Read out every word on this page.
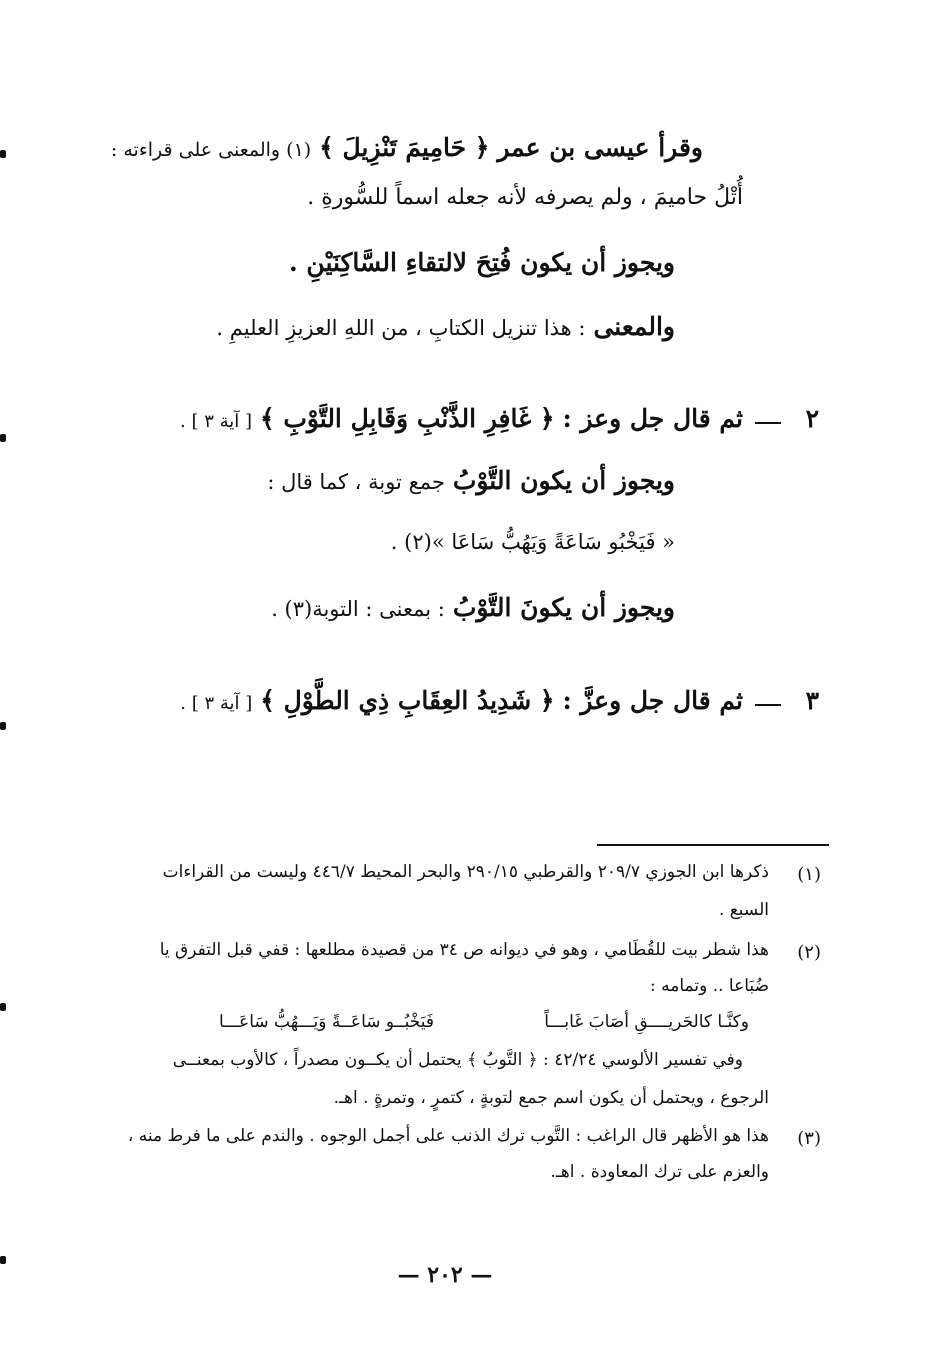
وقرأ عيسى بن عمر ﴿ حَامِيمَ تَنْزِيلَ ﴾ (١) والمعنى على قراءته :
أُتْلُ حاميمَ ، ولم يصرفه لأنه جعله اسماً للسُّورةِ .
ويجوز أن يكون فُتِحَ لالتقاءِ السَّاكِنَيْنِ .
والمعنى : هذا تنزيل الكتابِ ، من اللهِ العزيزِ العليمِ .
٢
ثم قال جل وعز : ﴿ غَافِرِ الذَّنْبِ وَقَابِلِ التَّوْبِ ﴾ [ آية ٣ ] .
ويجوز أن يكون التَّوْبُ جمع توبة ، كما قال :
« فَيَخْبُو سَاعَةً وَيَهُبُّ سَاعَا »(٢) .
ويجوز أن يكونَ التَّوْبُ : بمعنى : التوبة(٣) .
٣
ثم قال جل وعزَّ : ﴿ شَدِيدُ العِقَابِ ذِي الطَّوْلِ ﴾ [ آية ٣ ] .
(١)
ذكرها ابن الجوزي ٢٠٩/٧ والقرطبي ٢٩٠/١٥ والبحر المحيط ٤٤٦/٧ وليست من القراءات
السبع .
(٢)
هذا شطر بيت للقُطَامي ، وهو في ديوانه ص ٣٤ من قصيدة مطلعها : قفي قبل التفرق يا
ضُبَاعا .. وتمامه :
وكنَّـا كالحَريــــقِ أصَابَ غَابـــاً
فَيَخْبُــو سَاعَــةً وَيَـــهُبُّ سَاعَـــا
وفي تفسير الألوسي ٤٢/٢٤ : ﴿ التَّوبُ ﴾ يحتمل أن يكــون مصدراً ، كالأوب بمعنــى
الرجوع ، ويحتمل أن يكون اسم جمع لتوبةٍ ، كتمرٍ ، وتمرةٍ . اهـ.
(٣)
هذا هو الأظهر قال الراغب : التَّوب ترك الذنب على أجمل الوجوه . والندم على ما فرط منه ،
والعزم على ترك المعاودة . اهـ.
— ٢٠٢ —
